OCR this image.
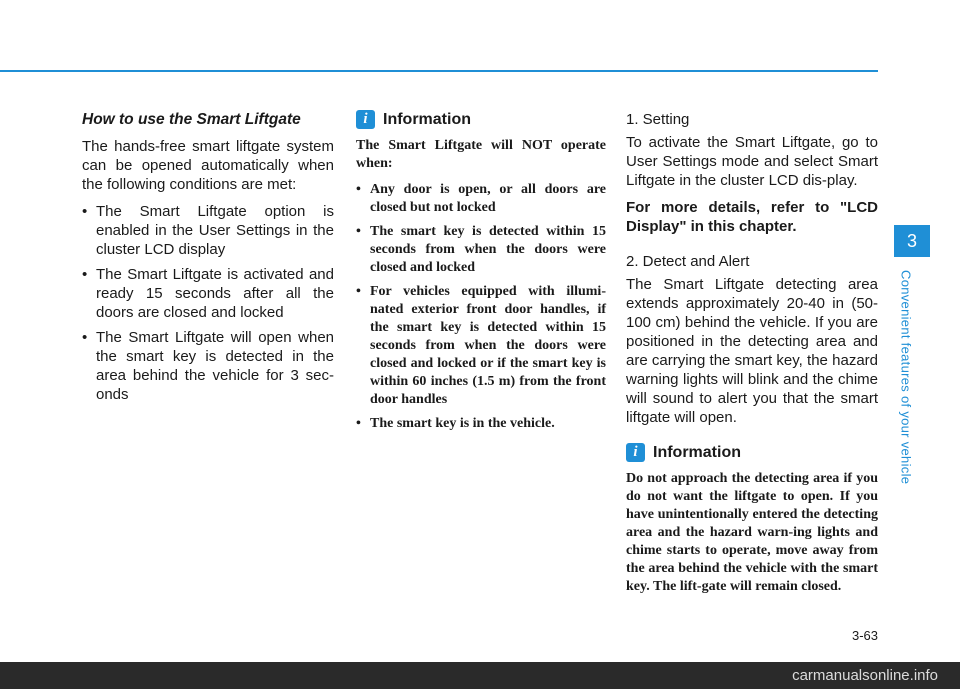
How to use the Smart Liftgate

The hands-free smart liftgate system can be opened automatically when the following conditions are met:

• The Smart Liftgate option is enabled in the User Settings in the cluster LCD display
• The Smart Liftgate is activated and ready 15 seconds after all the doors are closed and locked
• The Smart Liftgate will open when the smart key is detected in the area behind the vehicle for 3 sec-onds
i Information

The Smart Liftgate will NOT operate when:

• Any door is open, or all doors are closed but not locked
• The smart key is detected within 15 seconds from when the doors were closed and locked
• For vehicles equipped with illumi-nated exterior front door handles, if the smart key is detected within 15 seconds from when the doors were closed and locked or if the smart key is within 60 inches (1.5 m) from the front door handles
• The smart key is in the vehicle.

1. Setting

To activate the Smart Liftgate, go to User Settings mode and select Smart Liftgate in the cluster LCD dis-play.

For more details, refer to "LCD Display" in this chapter.

2. Detect and Alert

The Smart Liftgate detecting area extends approximately 20-40 in (50-100 cm) behind the vehicle. If you are positioned in the detecting area and are carrying the smart key, the hazard warning lights will blink and the chime will sound to alert you that the smart liftgate will open.

i Information

Do not approach the detecting area if you do not want the liftgate to open. If you have unintentionally entered the detecting area and the hazard warn-ing lights and chime starts to operate, move away from the area behind the vehicle with the smart key. The lift-gate will remain closed.

3
Convenient features of your vehicle
3-63
carmanualsonline.info
